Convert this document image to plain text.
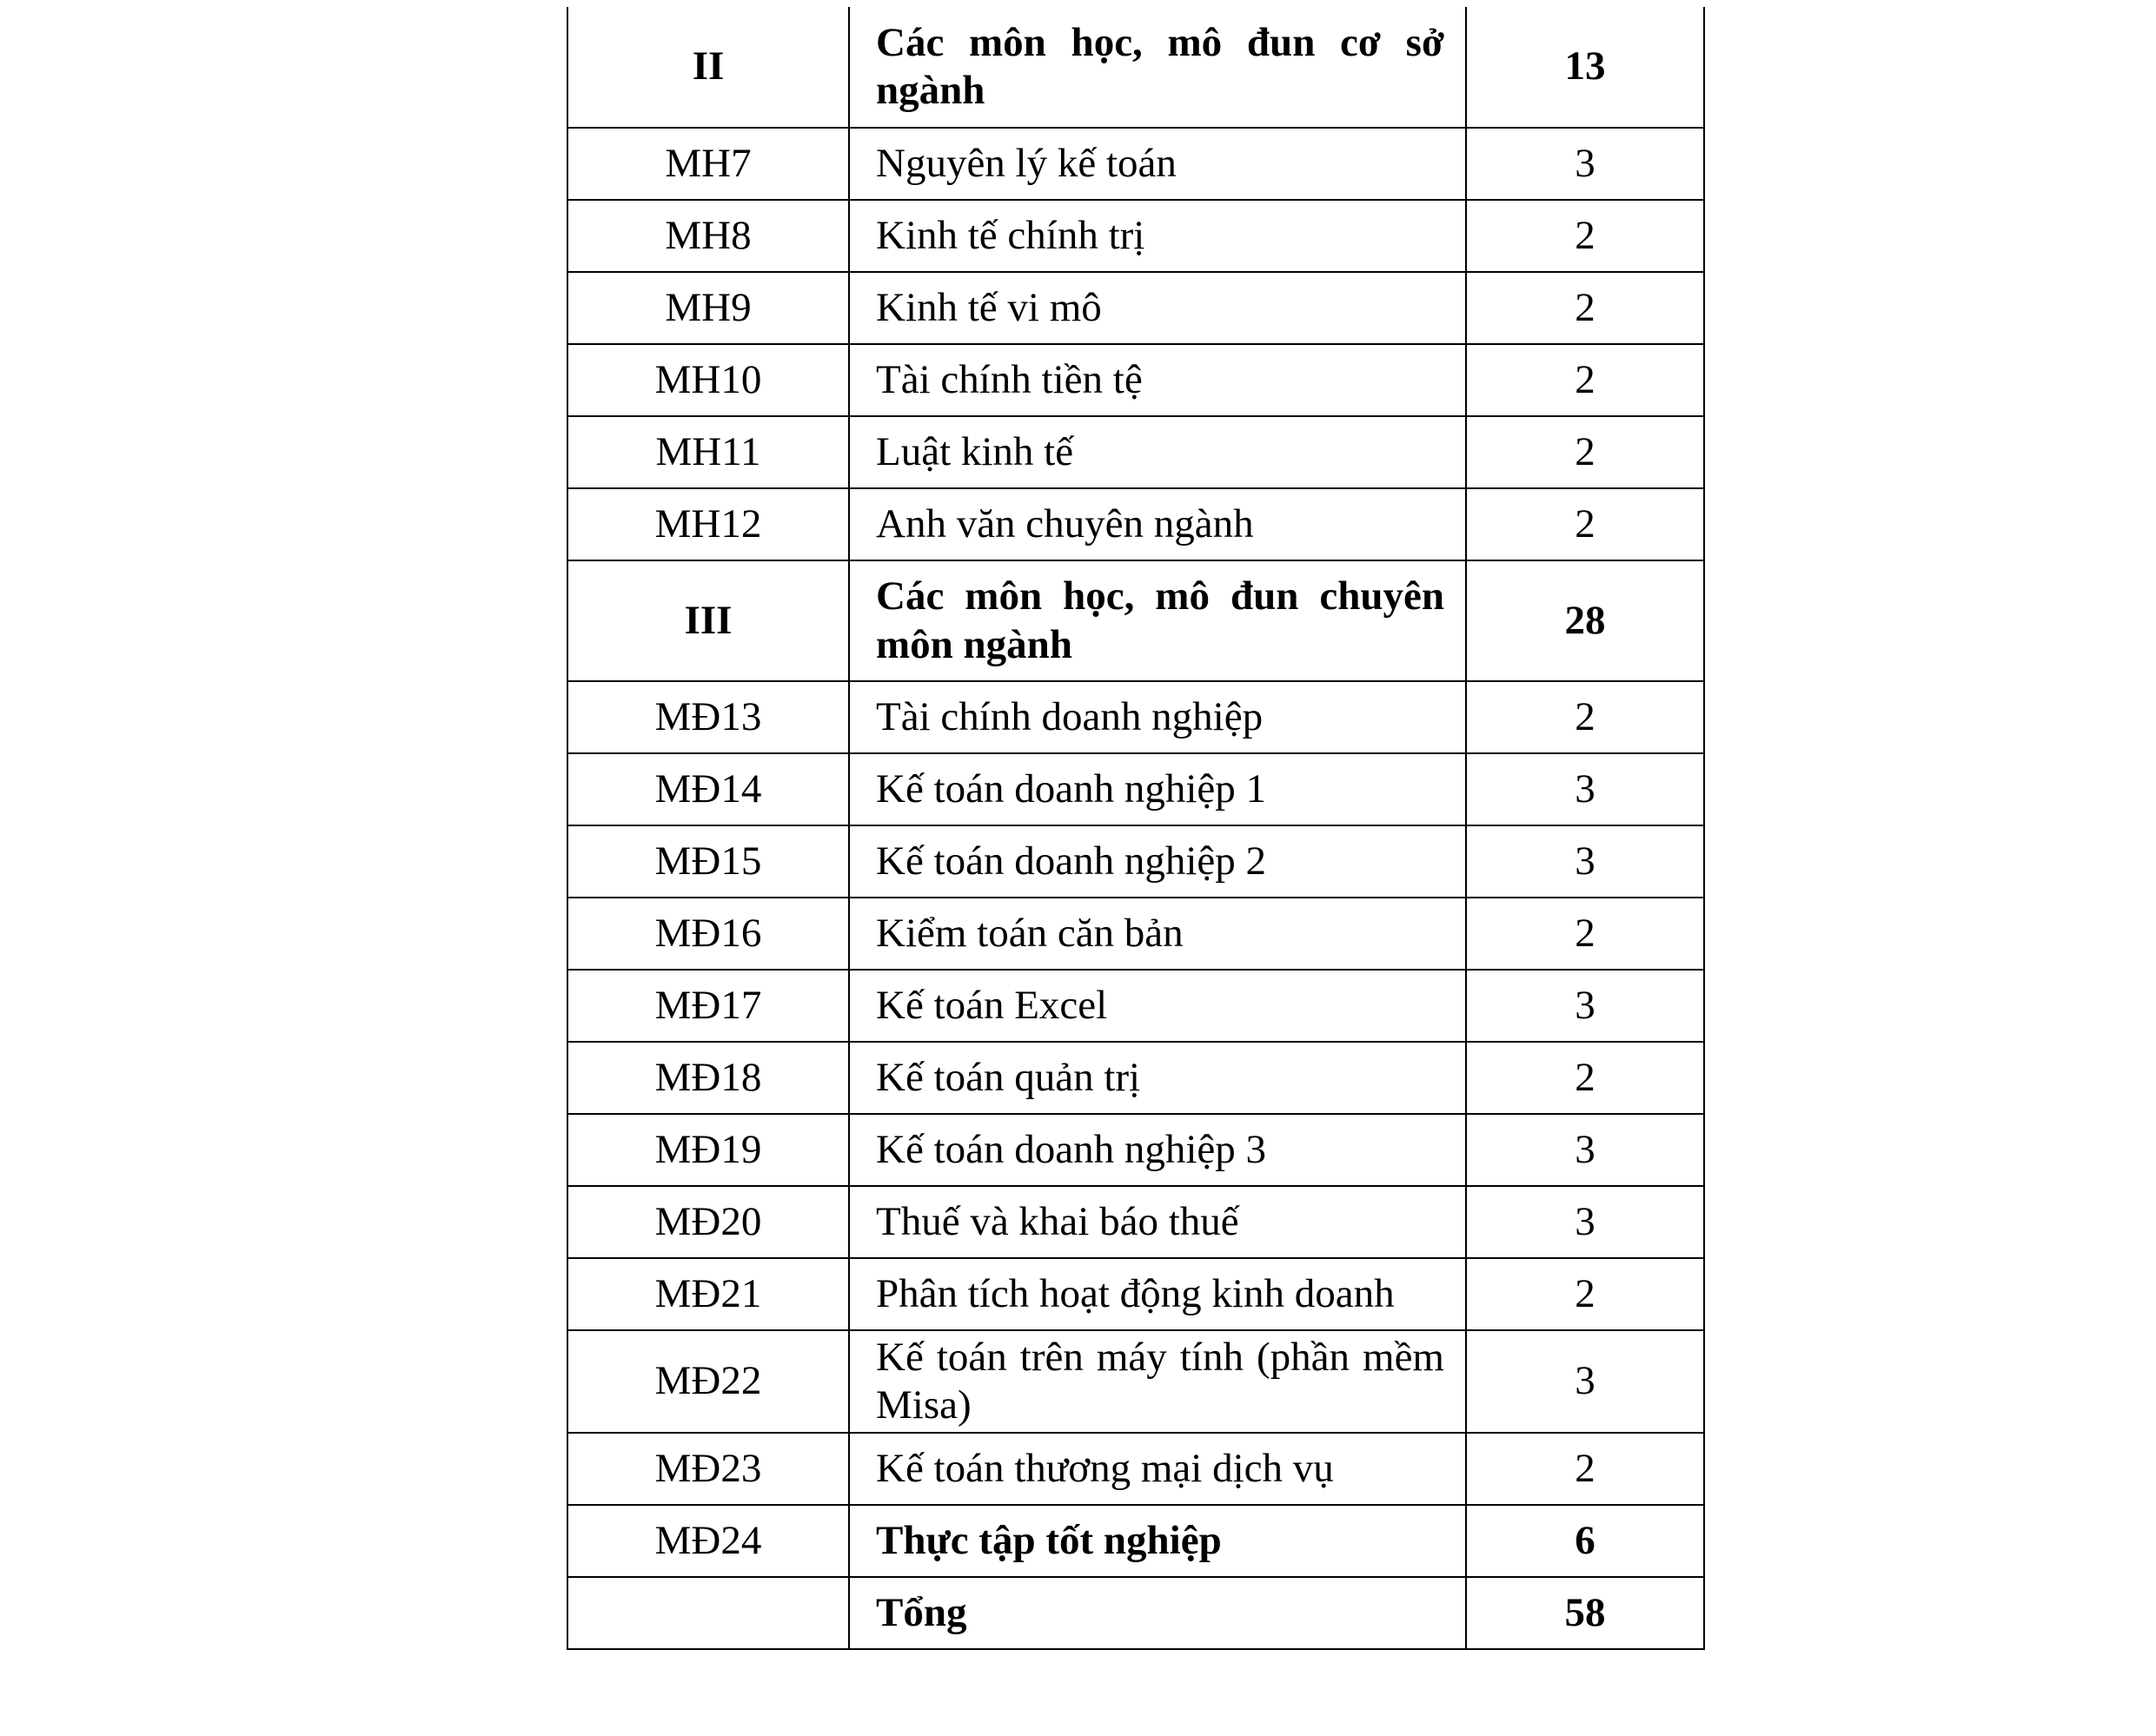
II	Các môn học, mô đun cơ sở ngành	13
MH7	Nguyên lý kế toán	3
MH8	Kinh tế chính trị	2
MH9	Kinh tế vi mô	2
MH10	Tài chính tiền tệ	2
MH11	Luật kinh tế	2
MH12	Anh văn chuyên ngành	2
III	Các môn học, mô đun chuyên môn ngành	28
MĐ13	Tài chính doanh nghiệp	2
MĐ14	Kế toán doanh nghiệp 1	3
MĐ15	Kế toán doanh nghiệp 2	3
MĐ16	Kiểm toán căn bản	2
MĐ17	Kế toán Excel	3
MĐ18	Kế toán quản trị	2
MĐ19	Kế toán doanh nghiệp 3	3
MĐ20	Thuế và khai báo thuế	3
MĐ21	Phân tích hoạt động kinh doanh	2
MĐ22	Kế toán trên máy tính (phần mềm Misa)	3
MĐ23	Kế toán thương mại dịch vụ	2
MĐ24	Thực tập tốt nghiệp	6
	Tổng	58
